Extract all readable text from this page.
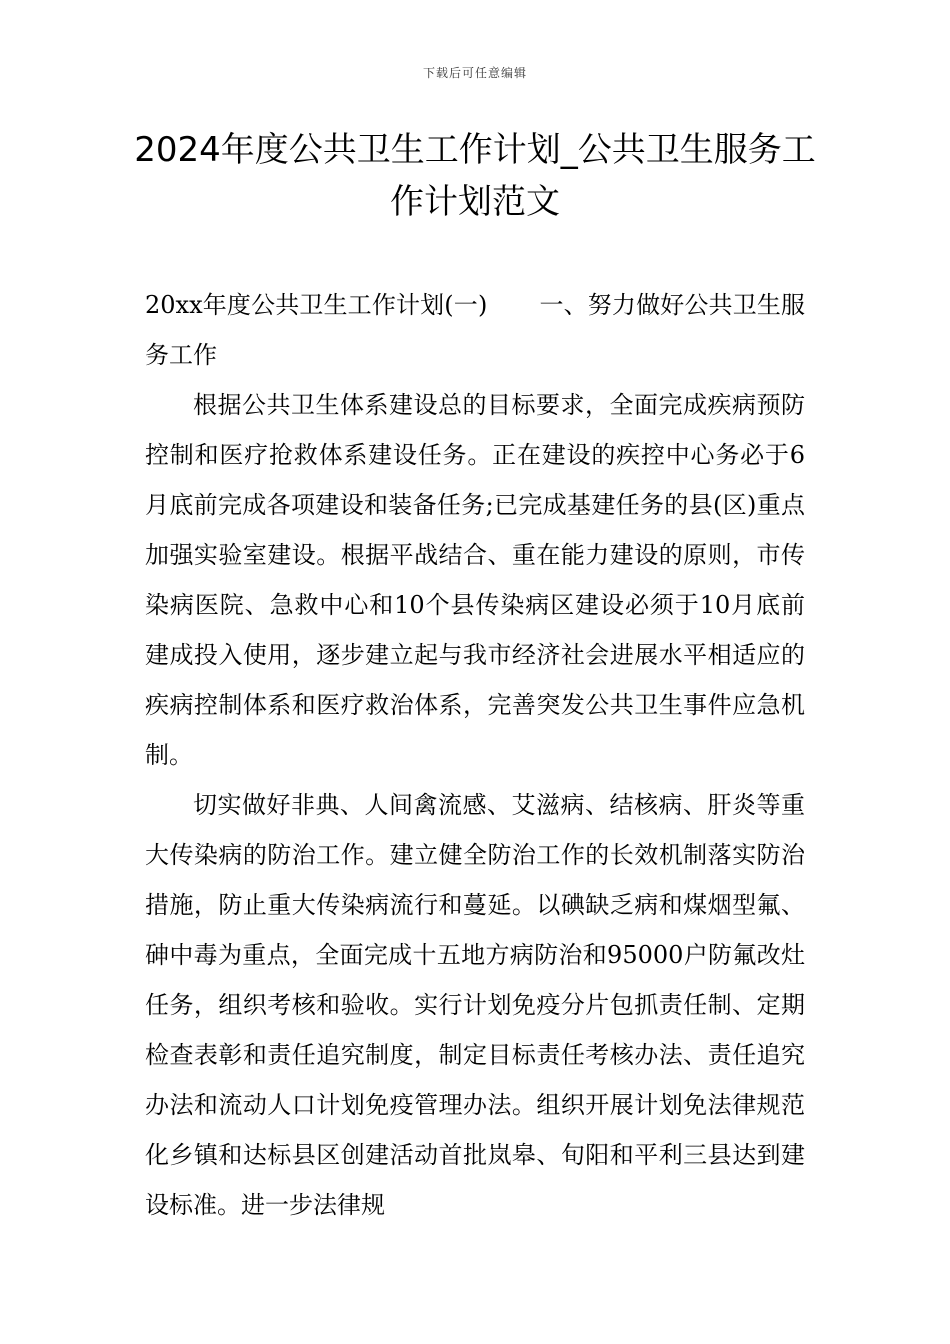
下载后可任意编辑
2024年度公共卫生工作计划_公共卫生服务工作计划范文

20xx年度公共卫生工作计划(一) 一、努力做好公共卫生服务工作

根据公共卫生体系建设总的目标要求，全面完成疾病预防控制和医疗抢救体系建设任务。正在建设的疾控中心务必于6月底前完成各项建设和装备任务;已完成基建任务的县(区)重点加强实验室建设。根据平战结合、重在能力建设的原则，市传染病医院、急救中心和10个县传染病区建设必须于10月底前建成投入使用，逐步建立起与我市经济社会进展水平相适应的疾病控制体系和医疗救治体系，完善突发公共卫生事件应急机制。

切实做好非典、人间禽流感、艾滋病、结核病、肝炎等重大传染病的防治工作。建立健全防治工作的长效机制落实防治措施，防止重大传染病流行和蔓延。以碘缺乏病和煤烟型氟、砷中毒为重点，全面完成十五地方病防治和95000户防氟改灶任务，组织考核和验收。实行计划免疫分片包抓责任制、定期检查表彰和责任追究制度，制定目标责任考核办法、责任追究办法和流动人口计划免疫管理办法。组织开展计划免法律规范化乡镇和达标县区创建活动首批岚皋、旬阳和平利三县达到建设标准。进一步法律规
